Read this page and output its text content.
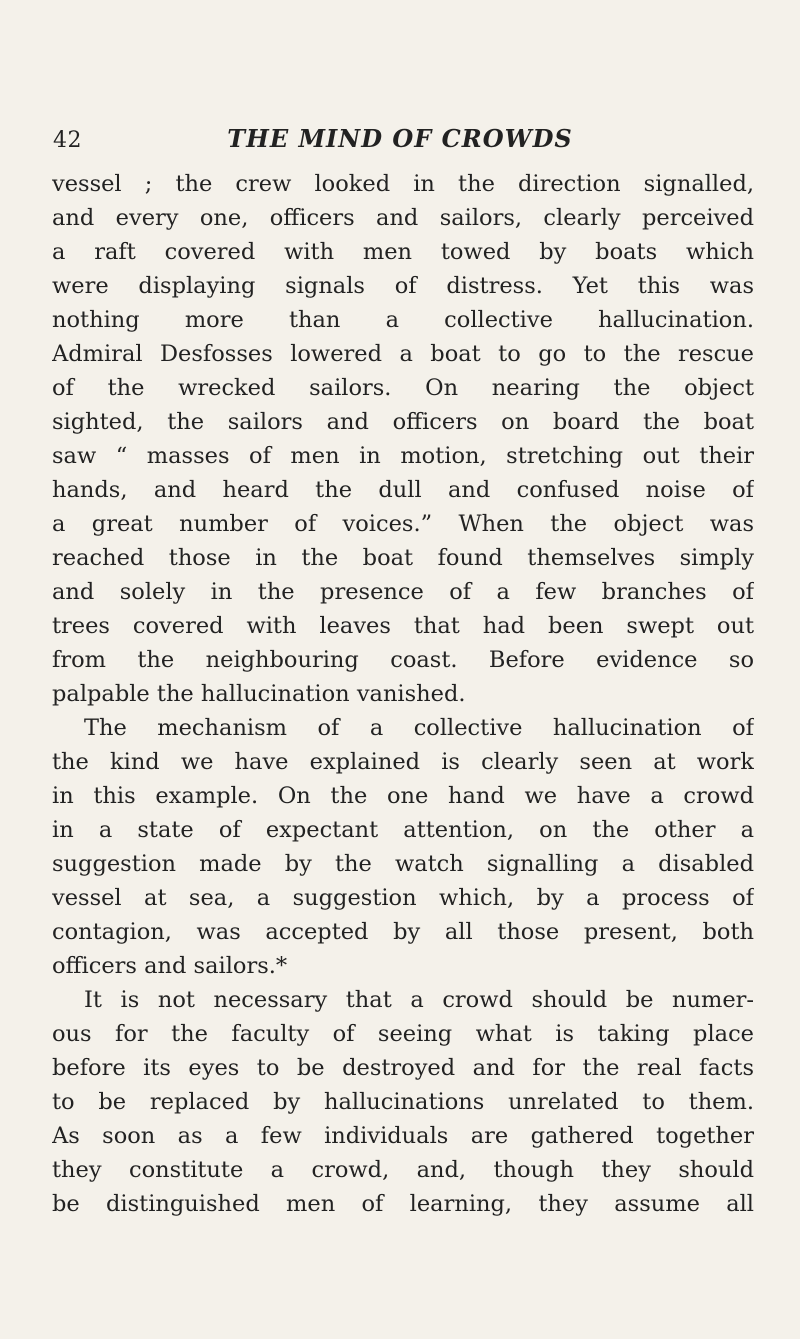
42	THE MIND OF CROWDS
vessel ; the crew looked in the direction signalled,
and every one, officers and sailors, clearly perceived
a raft covered with men towed by boats which
were displaying signals of distress. Yet this was
nothing more than a collective hallucination.
Admiral Desfosses lowered a boat to go to the rescue
of the wrecked sailors. On nearing the object
sighted, the sailors and officers on board the boat
saw “ masses of men in motion, stretching out their
hands, and heard the dull and confused noise of
a great number of voices.” When the object was
reached those in the boat found themselves simply
and solely in the presence of a few branches of
trees covered with leaves that had been swept out
from the neighbouring coast. Before evidence so
palpable the hallucination vanished.
The mechanism of a collective hallucination of
the kind we have explained is clearly seen at work
in this example. On the one hand we have a crowd
in a state of expectant attention, on the other a
suggestion made by the watch signalling a disabled
vessel at sea, a suggestion which, by a process of
contagion, was accepted by all those present, both
officers and sailors.*
It is not necessary that a crowd should be numer-
ous for the faculty of seeing what is taking place
before its eyes to be destroyed and for the real facts
to be replaced by hallucinations unrelated to them.
As soon as a few individuals are gathered together
they constitute a crowd, and, though they should
be distinguished men of learning, they assume all
